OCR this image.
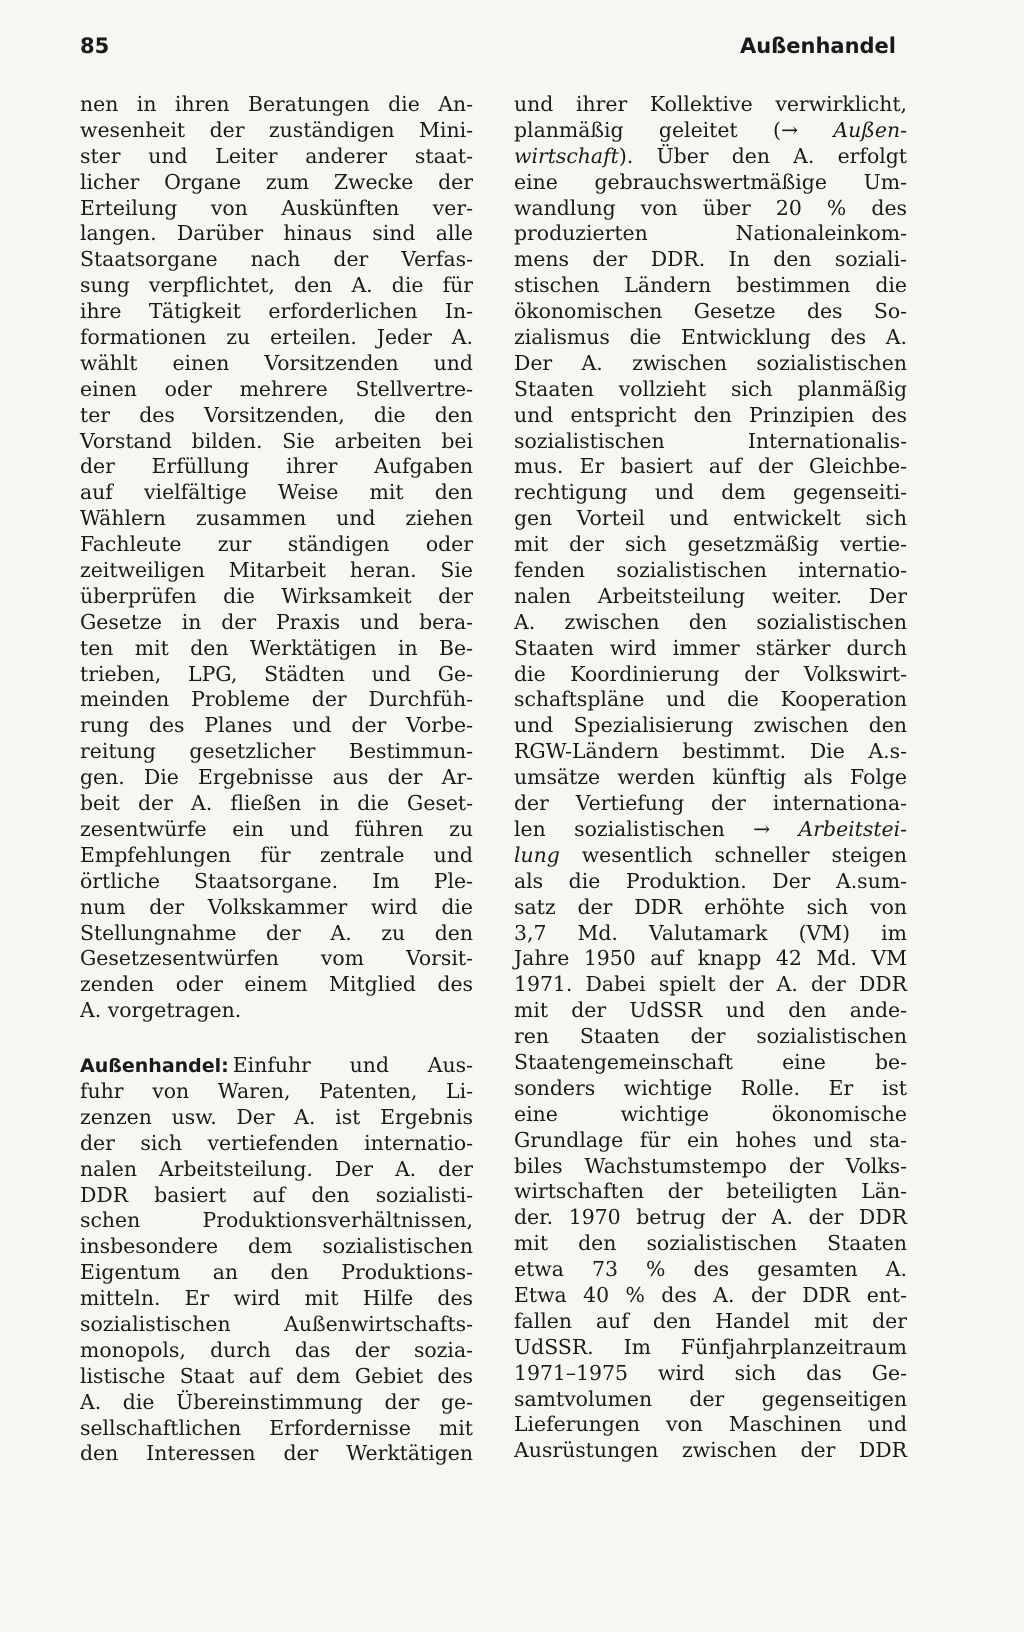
85	Außenhandel
nen in ihren Beratungen die An-
wesenheit der zuständigen Mini-
ster und Leiter anderer staat-
licher Organe zum Zwecke der
Erteilung von Auskünften ver-
langen. Darüber hinaus sind alle
Staatsorgane nach der Verfas-
sung verpflichtet, den A. die für
ihre Tätigkeit erforderlichen In-
formationen zu erteilen. Jeder A.
wählt einen Vorsitzenden und
einen oder mehrere Stellvertre-
ter des Vorsitzenden, die den
Vorstand bilden. Sie arbeiten bei
der Erfüllung ihrer Aufgaben
auf vielfältige Weise mit den
Wählern zusammen und ziehen
Fachleute zur ständigen oder
zeitweiligen Mitarbeit heran. Sie
überprüfen die Wirksamkeit der
Gesetze in der Praxis und bera-
ten mit den Werktätigen in Be-
trieben, LPG, Städten und Ge-
meinden Probleme der Durchfüh-
rung des Planes und der Vorbe-
reitung gesetzlicher Bestimmun-
gen. Die Ergebnisse aus der Ar-
beit der A. fließen in die Geset-
zesentwürfe ein und führen zu
Empfehlungen für zentrale und
örtliche Staatsorgane. Im Ple-
num der Volkskammer wird die
Stellungnahme der A. zu den
Gesetzesentwürfen vom Vorsit-
zenden oder einem Mitglied des
A. vorgetragen.
Außenhandel: Einfuhr und Aus-
fuhr von Waren, Patenten, Li-
zenzen usw. Der A. ist Ergebnis
der sich vertiefenden internatio-
nalen Arbeitsteilung. Der A. der
DDR basiert auf den sozialisti-
schen Produktionsverhältnissen,
insbesondere dem sozialistischen
Eigentum an den Produktions-
mitteln. Er wird mit Hilfe des
sozialistischen Außenwirtschafts-
monopols, durch das der sozia-
listische Staat auf dem Gebiet des
A. die Übereinstimmung der ge-
sellschaftlichen Erfordernisse mit
den Interessen der Werktätigen
und ihrer Kollektive verwirklicht,
planmäßig geleitet (→ Außen-
wirtschaft). Über den A. erfolgt
eine gebrauchswertmäßige Um-
wandlung von über 20 % des
produzierten Nationaleinkom-
mens der DDR. In den soziali-
stischen Ländern bestimmen die
ökonomischen Gesetze des So-
zialismus die Entwicklung des A.
Der A. zwischen sozialistischen
Staaten vollzieht sich planmäßig
und entspricht den Prinzipien des
sozialistischen Internationalis-
mus. Er basiert auf der Gleichbe-
rechtigung und dem gegenseiti-
gen Vorteil und entwickelt sich
mit der sich gesetzmäßig vertie-
fenden sozialistischen internatio-
nalen Arbeitsteilung weiter. Der
A. zwischen den sozialistischen
Staaten wird immer stärker durch
die Koordinierung der Volkswirt-
schaftspläne und die Kooperation
und Spezialisierung zwischen den
RGW-Ländern bestimmt. Die A.s-
umsätze werden künftig als Folge
der Vertiefung der internationa-
len sozialistischen → Arbeitstei-
lung wesentlich schneller steigen
als die Produktion. Der A.sum-
satz der DDR erhöhte sich von
3,7 Md. Valutamark (VM) im
Jahre 1950 auf knapp 42 Md. VM
1971. Dabei spielt der A. der DDR
mit der UdSSR und den ande-
ren Staaten der sozialistischen
Staatengemeinschaft eine be-
sonders wichtige Rolle. Er ist
eine wichtige ökonomische
Grundlage für ein hohes und sta-
biles Wachstumstempo der Volks-
wirtschaften der beteiligten Län-
der. 1970 betrug der A. der DDR
mit den sozialistischen Staaten
etwa 73 % des gesamten A.
Etwa 40 % des A. der DDR ent-
fallen auf den Handel mit der
UdSSR. Im Fünfjahrplanzeitraum
1971–1975 wird sich das Ge-
samtvolumen der gegenseitigen
Lieferungen von Maschinen und
Ausrüstungen zwischen der DDR
